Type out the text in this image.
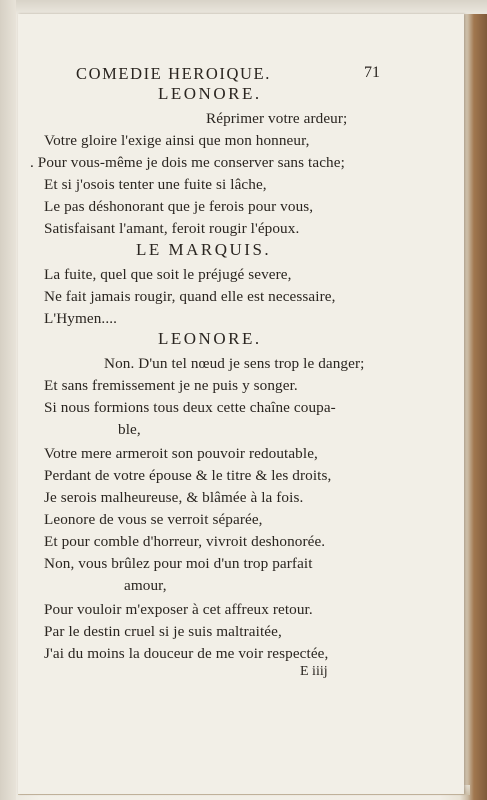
COMEDIE HEROIQUE.	71
LEONORE.
Réprimer votre ardeur;
Votre gloire l'exige ainsi que mon honneur,
. Pour vous-même je dois me conserver sans tache;
Et si j'osois tenter une fuite si lâche,
Le pas déshonorant que je ferois pour vous,
Satisfaisant l'amant, feroit rougir l'époux.
LE MARQUIS.
La fuite, quel que soit le préjugé severe,
Ne fait jamais rougir, quand elle est necessaire,
L'Hymen....
LEONORE.
Non. D'un tel nœud je sens trop le danger;
Et sans fremissement je ne puis y songer.
Si nous formions tous deux cette chaîne coupa-
ble,
Votre mere armeroit son pouvoir redoutable,
Perdant de votre épouse & le titre & les droits,
Je serois malheureuse, & blâmée à la fois.
Leonore de vous se verroit séparée,
Et pour comble d'horreur, vivroit deshonorée.
Non, vous brûlez pour moi d'un trop parfait
amour,
Pour vouloir m'exposer à cet affreux retour.
Par le destin cruel si je suis maltraitée,
J'ai du moins la douceur de me voir respectée,
E iiij
